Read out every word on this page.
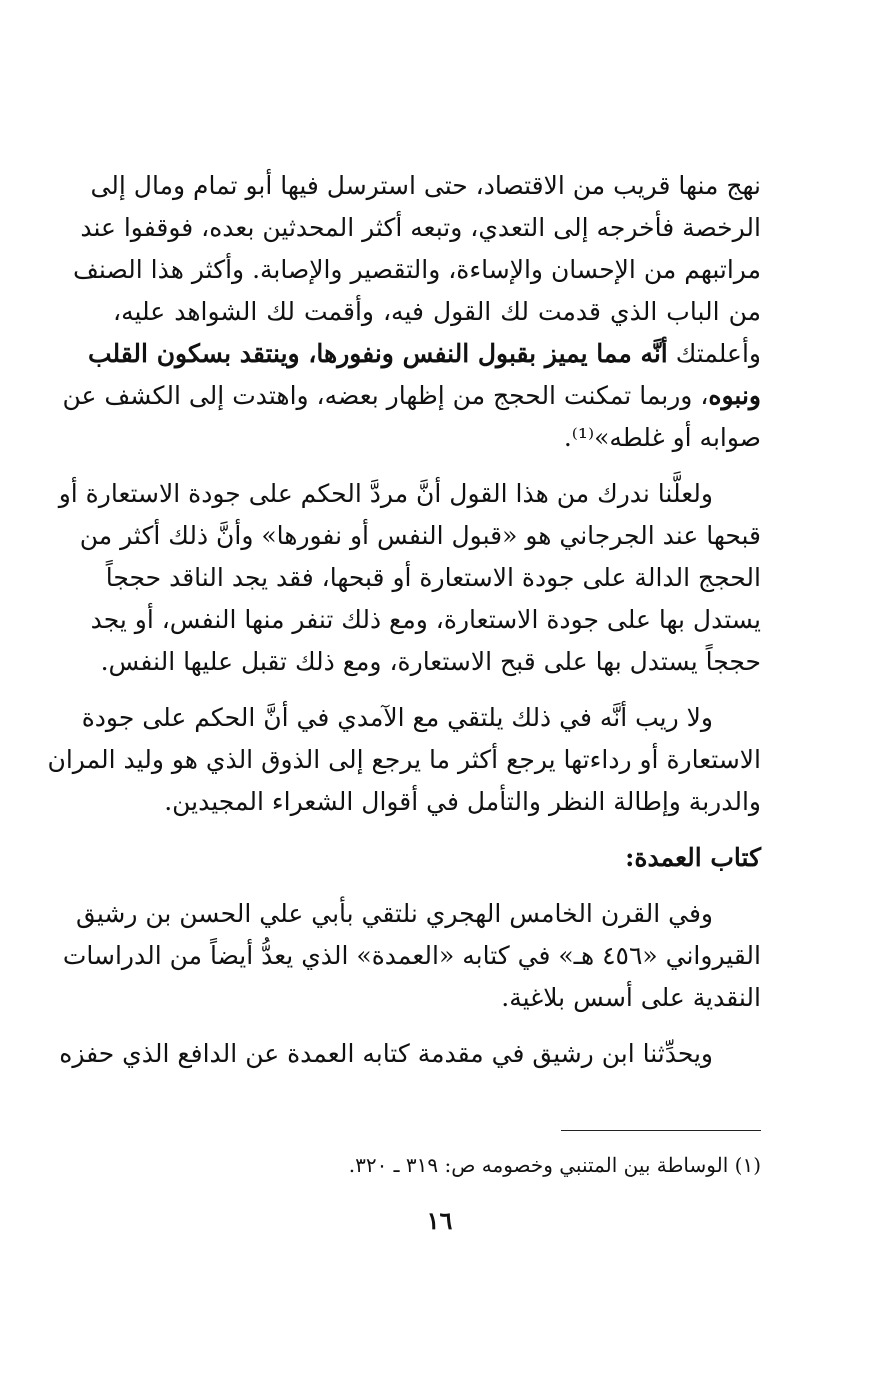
نهج منها قريب من الاقتصاد، حتى استرسل فيها أبو تمام ومال إلى
الرخصة فأخرجه إلى التعدي، وتبعه أكثر المحدثين بعده، فوقفوا عند
مراتبهم من الإحسان والإساءة، والتقصير والإصابة. وأكثر هذا الصنف
من الباب الذي قدمت لك القول فيه، وأقمت لك الشواهد عليه،
وأعلمتك أنَّه مما يميز بقبول النفس ونفورها، وينتقد بسكون القلب
ونبوه، وربما تمكنت الحجج من إظهار بعضه، واهتدت إلى الكشف عن
صوابه أو غلطه»⁽¹⁾.
ولعلَّنا ندرك من هذا القول أنَّ مردَّ الحكم على جودة الاستعارة أو
قبحها عند الجرجاني هو «قبول النفس أو نفورها» وأنَّ ذلك أكثر من
الحجج الدالة على جودة الاستعارة أو قبحها، فقد يجد الناقد حججاً
يستدل بها على جودة الاستعارة، ومع ذلك تنفر منها النفس، أو يجد
حججاً يستدل بها على قبح الاستعارة، ومع ذلك تقبل عليها النفس.
ولا ريب أنَّه في ذلك يلتقي مع الآمدي في أنَّ الحكم على جودة
الاستعارة أو رداءتها يرجع أكثر ما يرجع إلى الذوق الذي هو وليد المران
والدربة وإطالة النظر والتأمل في أقوال الشعراء المجيدين.
كتاب العمدة:
وفي القرن الخامس الهجري نلتقي بأبي علي الحسن بن رشيق
القيرواني «٤٥٦ هـ» في كتابه «العمدة» الذي يعدُّ أيضاً من الدراسات
النقدية على أسس بلاغية.
ويحدِّثنا ابن رشيق في مقدمة كتابه العمدة عن الدافع الذي حفزه
(١) الوساطة بين المتنبي وخصومه ص: ٣١٩ ـ ٣٢٠.
١٦
